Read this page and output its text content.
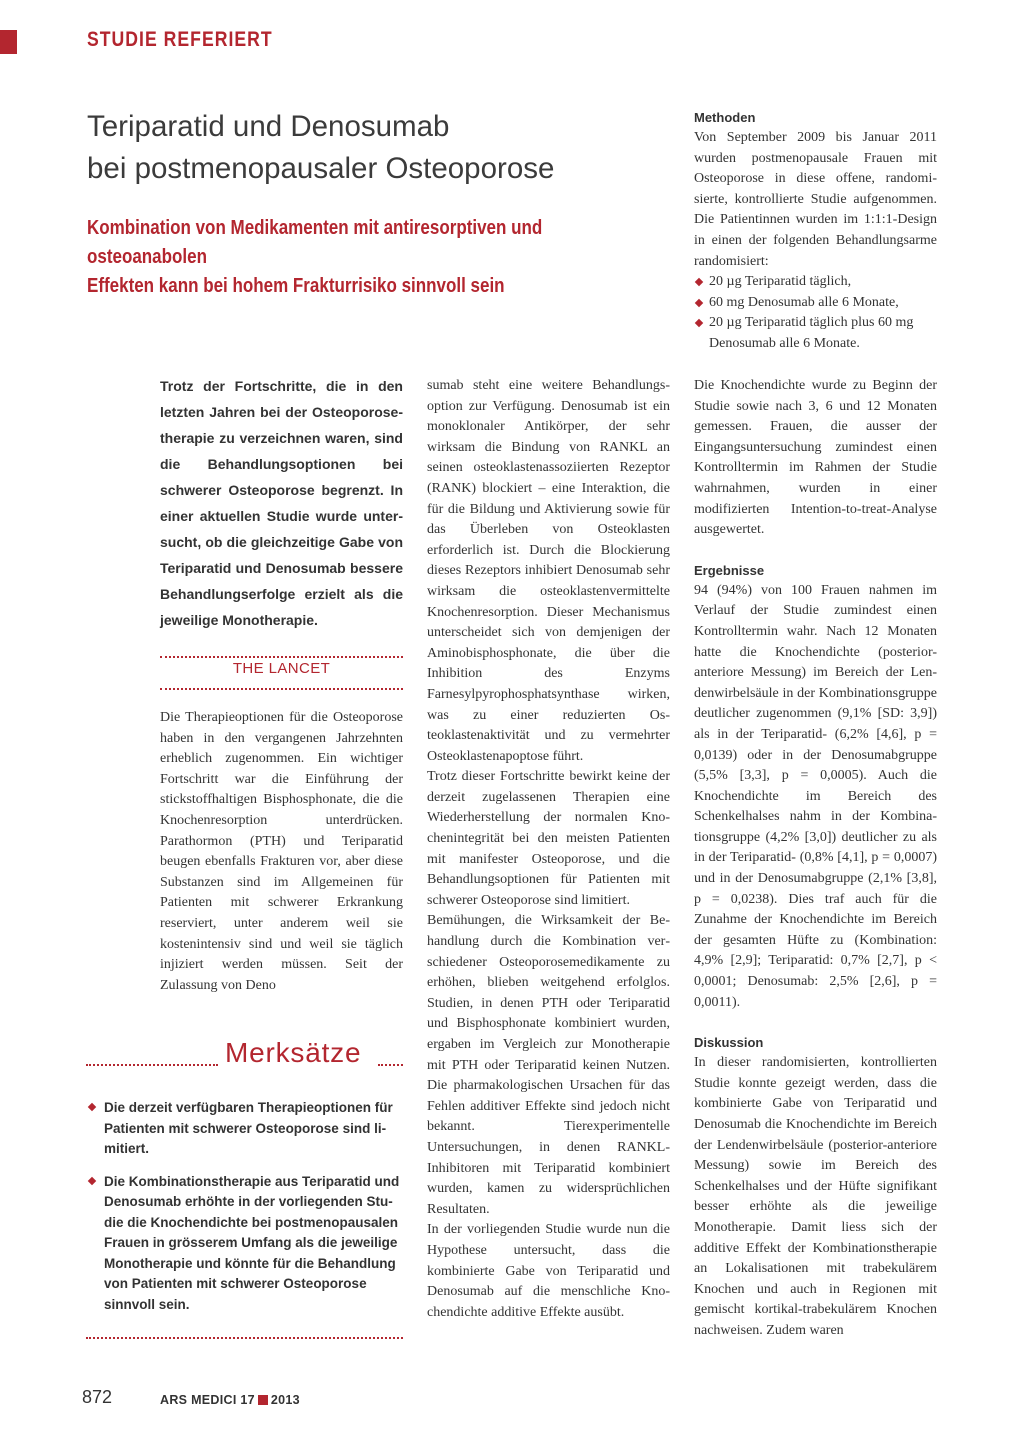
STUDIE REFERIERT
Teriparatid und Denosumab
bei postmenopausaler Osteoporose
Kombination von Medikamenten mit antiresorptiven und osteoanabolen
Effekten kann bei hohem Frakturrisiko sinnvoll sein
Methoden
Von September 2009 bis Januar 2011 wurden postmenopausale Frauen mit Osteoporose in diese offene, randomisierte, kontrollierte Studie aufgenommen. Die Patientinnen wurden im 1:1:1-Design in einen der folgenden Behandlungsarme randomisiert:
20 µg Teriparatid täglich,
60 mg Denosumab alle 6 Monate,
20 µg Teriparatid täglich plus 60 mg Denosumab alle 6 Monate.
Trotz der Fortschritte, die in den letzten Jahren bei der Osteoporosetherapie zu verzeichnen waren, sind die Behandlungsoptionen bei schwerer Osteoporose begrenzt. In einer aktuellen Studie wurde untersucht, ob die gleichzeitige Gabe von Teriparatid und Denosumab bessere Behandlungserfolge erzielt als die jeweilige Monotherapie.
THE LANCET
Die Therapieoptionen für die Osteoporose haben in den vergangenen Jahrzehnten erheblich zugenommen. Ein wichtiger Fortschritt war die Einführung der stickstoffhaltigen Bisphosphonate, die die Knochenresorption unterdrücken. Parathormon (PTH) und Teriparatid beugen ebenfalls Frakturen vor, aber diese Substanzen sind im Allgemeinen für Patienten mit schwerer Erkrankung reserviert, unter anderem weil sie kostenintensiv sind und weil sie täglich injiziert werden müssen. Seit der Zulassung von Deno
Merksätze
Die derzeit verfügbaren Therapieoptionen für Patienten mit schwerer Osteoporose sind limitiert.
Die Kombinationstherapie aus Teriparatid und Denosumab erhöhte in der vorliegenden Studie die Knochendichte bei postmenopausalen Frauen in grösserem Umfang als die jeweilige Monotherapie und könnte für die Behandlung von Patienten mit schwerer Osteoporose sinnvoll sein.
sumab steht eine weitere Behandlungsoption zur Verfügung. Denosumab ist ein monoklonaler Antikörper, der sehr wirksam die Bindung von RANKL an seinen osteoklastenassoziierten Rezeptor (RANK) blockiert – eine Interaktion, die für die Bildung und Aktivierung sowie für das Überleben von Osteoklasten erforderlich ist. Durch die Blockierung dieses Rezeptors inhibiert Denosumab sehr wirksam die osteoklastenvermittelte Knochenresorption. Dieser Mechanismus unterscheidet sich von demjenigen der Aminobisphosphonate, die über die Inhibition des Enzyms Farnesylpyrophosphatsynthase wirken, was zu einer reduzierten Osteoklastenaktivität und zu vermehrter Osteoklastenapoptose führt.
Trotz dieser Fortschritte bewirkt keine der derzeit zugelassenen Therapien eine Wiederherstellung der normalen Knochenintegrität bei den meisten Patienten mit manifester Osteoporose, und die Behandlungsoptionen für Patienten mit schwerer Osteoporose sind limitiert.
Bemühungen, die Wirksamkeit der Behandlung durch die Kombination verschiedener Osteoporosemedikamente zu erhöhen, blieben weitgehend erfolglos. Studien, in denen PTH oder Teriparatid und Bisphosphonate kombiniert wurden, ergaben im Vergleich zur Monotherapie mit PTH oder Teriparatid keinen Nutzen. Die pharmakologischen Ursachen für das Fehlen additiver Effekte sind jedoch nicht bekannt. Tierexperimentelle Untersuchungen, in denen RANKL-Inhibitoren mit Teriparatid kombiniert wurden, kamen zu widersprüchlichen Resultaten.
In der vorliegenden Studie wurde nun die Hypothese untersucht, dass die kombinierte Gabe von Teriparatid und Denosumab auf die menschliche Knochendichte additive Effekte ausübt.
Die Knochendichte wurde zu Beginn der Studie sowie nach 3, 6 und 12 Monaten gemessen. Frauen, die ausser der Eingangsuntersuchung zumindest einen Kontrolltermin im Rahmen der Studie wahrnahmen, wurden in einer modifizierten Intention-to-treat-Analyse ausgewertet.
Ergebnisse
94 (94%) von 100 Frauen nahmen im Verlauf der Studie zumindest einen Kontrolltermin wahr. Nach 12 Monaten hatte die Knochendichte (posterior-anteriore Messung) im Bereich der Lendenwirbelsäule in der Kombinationsgruppe deutlicher zugenommen (9,1% [SD: 3,9]) als in der Teriparatid- (6,2% [4,6], p = 0,0139) oder in der Denosumabgruppe (5,5% [3,3], p = 0,0005). Auch die Knochendichte im Bereich des Schenkelhalses nahm in der Kombinationsgruppe (4,2% [3,0]) deutlicher zu als in der Teriparatid- (0,8% [4,1], p = 0,0007) und in der Denosumabgruppe (2,1% [3,8], p = 0,0238). Dies traf auch für die Zunahme der Knochendichte im Bereich der gesamten Hüfte zu (Kombination: 4,9% [2,9]; Teriparatid: 0,7% [2,7], p < 0,0001; Denosumab: 2,5% [2,6], p = 0,0011).
Diskussion
In dieser randomisierten, kontrollierten Studie konnte gezeigt werden, dass die kombinierte Gabe von Teriparatid und Denosumab die Knochendichte im Bereich der Lendenwirbelsäule (posterior-anteriore Messung) sowie im Bereich des Schenkelhalses und der Hüfte signifikant besser erhöhte als die jeweilige Monotherapie. Damit liess sich der additive Effekt der Kombinationstherapie an Lokalisationen mit trabekulärem Knochen und auch in Regionen mit gemischt kortikal-trabekulärem Knochen nachweisen. Zudem waren
872	ARS MEDICI 17 2013
